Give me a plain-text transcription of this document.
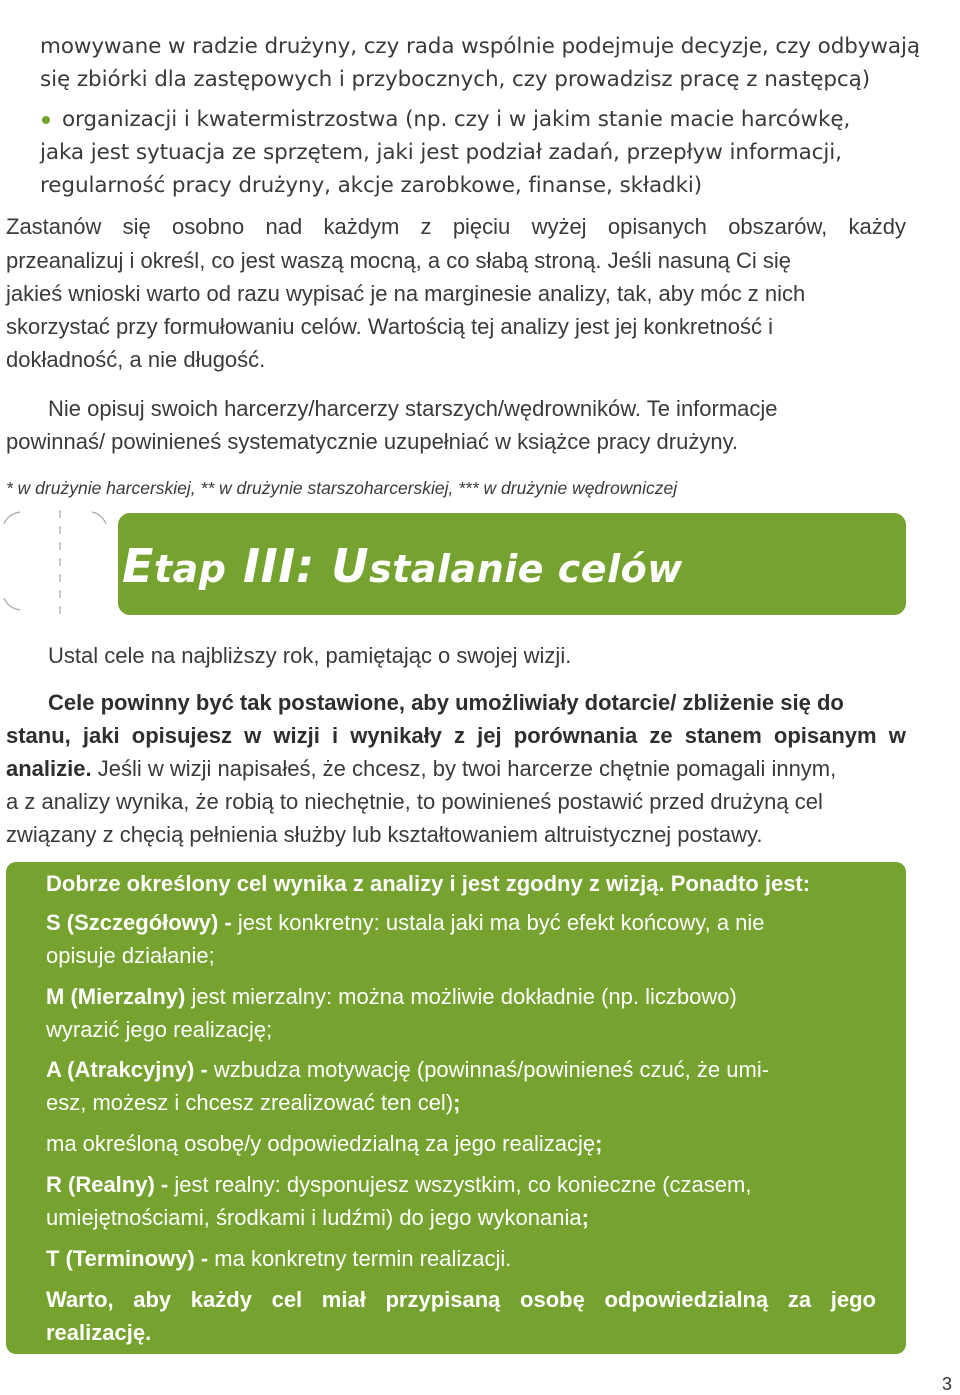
mowywane w radzie drużyny, czy rada wspólnie podejmuje decyzje, czy odbywają
się zbiórki dla zastępowych i przybocznych, czy prowadzisz pracę z następcą)
organizacji i kwatermistrzostwa (np. czy i w jakim stanie macie harcówkę,
jaka jest sytuacja ze sprzętem, jaki jest podział zadań, przepływ informacji,
regularność pracy drużyny, akcje zarobkowe, finanse, składki)
Zastanów się osobno nad każdym z pięciu wyżej opisanych obszarów, każdy
przeanalizuj i określ, co jest waszą mocną, a co słabą stroną. Jeśli nasuną Ci się
jakieś wnioski warto od razu wypisać je na marginesie analizy, tak, aby móc z nich
skorzystać przy formułowaniu celów. Wartością tej analizy jest jej konkretność i
dokładność, a nie długość.
Nie opisuj swoich harcerzy/harcerzy starszych/wędrowników. Te informacje
powinnaś/ powinieneś systematycznie uzupełniać w książce pracy drużyny.
* w drużynie harcerskiej, ** w drużynie starszoharcerskiej, *** w drużynie wędrowniczej
Etap III: Ustalanie celów
Ustal cele na najbliższy rok, pamiętając o swojej wizji.
Cele powinny być tak postawione, aby umożliwiały dotarcie/ zbliżenie się do
stanu, jaki opisujesz w wizji i wynikały z jej porównania ze stanem opisanym w
analizie. Jeśli w wizji napisałeś, że chcesz, by twoi harcerze chętnie pomagali innym,
a z analizy wynika, że robią to niechętnie, to powinieneś postawić przed drużyną cel
związany z chęcią pełnienia służby lub kształtowaniem altruistycznej postawy.
Dobrze określony cel wynika z analizy i jest zgodny z wizją. Ponadto jest:
S (Szczegółowy) - jest konkretny: ustala jaki ma być efekt końcowy, a nie
opisuje działanie;
M (Mierzalny) jest mierzalny: można możliwie dokładnie (np. liczbowo)
wyrazić jego realizację;
A (Atrakcyjny) - wzbudza motywację (powinnaś/powinieneś czuć, że umi-
esz, możesz i chcesz zrealizować ten cel);
ma określoną osobę/y odpowiedzialną za jego realizację;
R (Realny) - jest realny: dysponujesz wszystkim, co konieczne (czasem,
umiejętnościami, środkami i ludźmi) do jego wykonania;
T (Terminowy) - ma konkretny termin realizacji.
Warto, aby każdy cel miał przypisaną osobę odpowiedzialną za jego
realizację.
3
